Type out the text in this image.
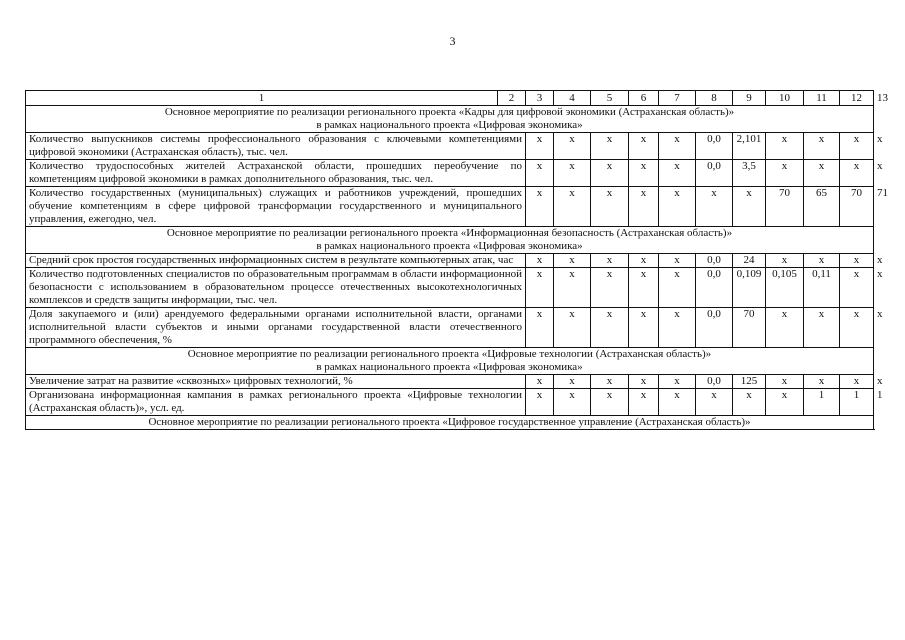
3
1	2	3	4	5	6	7	8	9	10	11	12	13

Основное мероприятие по реализации регионального проекта «Кадры для цифровой экономики (Астраханская область)»
в рамках национального проекта «Цифровая экономика»												

Количество выпускников системы профессионального образования с ключевыми компетенциями цифровой экономики (Астраханская область), тыс. чел.		x	x	x	x	x	0,0	2,101	x	x	x	x
Количество трудоспособных жителей Астраханской области, прошедших переобучение по компетенциям цифровой экономики в рамках дополнительного образования, тыс. чел.		x	x	x	x	x	0,0	3,5	x	x	x	x
Количество государственных (муниципальных) служащих и работников учреждений, прошедших обучение компетенциям в сфере цифровой трансформации государственного и муниципального управления, ежегодно, чел.		x	x	x	x	x	x	x	70	65	70	71

Основное мероприятие по реализации регионального проекта «Информационная безопасность (Астраханская область)»
в рамках национального проекта «Цифровая экономика»												

Средний срок простоя государственных информационных систем в результате компьютерных атак, час		x	x	x	x	x	0,0	24	x	x	x	x
Количество подготовленных специалистов по образовательным программам в области информационной безопасности с использованием в образовательном процессе отечественных высокотехнологичных комплексов и средств защиты информации, тыс. чел.		x	x	x	x	x	0,0	0,109	0,105	0,11	x	x
Доля закупаемого и (или) арендуемого федеральными органами исполнительной власти, органами исполнительной власти субъектов и иными органами государственной власти отечественного программного обеспечения, %		x	x	x	x	x	0,0	70	x	x	x	x

Основное мероприятие по реализации регионального проекта «Цифровые технологии (Астраханская область)»
в рамках национального проекта «Цифровая экономика»												

Увеличение затрат на развитие «сквозных» цифровых технологий, %		x	x	x	x	x	0,0	125	x	x	x	x
Организована информационная кампания в рамках регионального проекта «Цифровые технологии (Астраханская область)», усл. ед.		x	x	x	x	x	x	x	x	1	1	1

Основное мероприятие по реализации регионального проекта «Цифровое государственное управление (Астраханская область)»												
